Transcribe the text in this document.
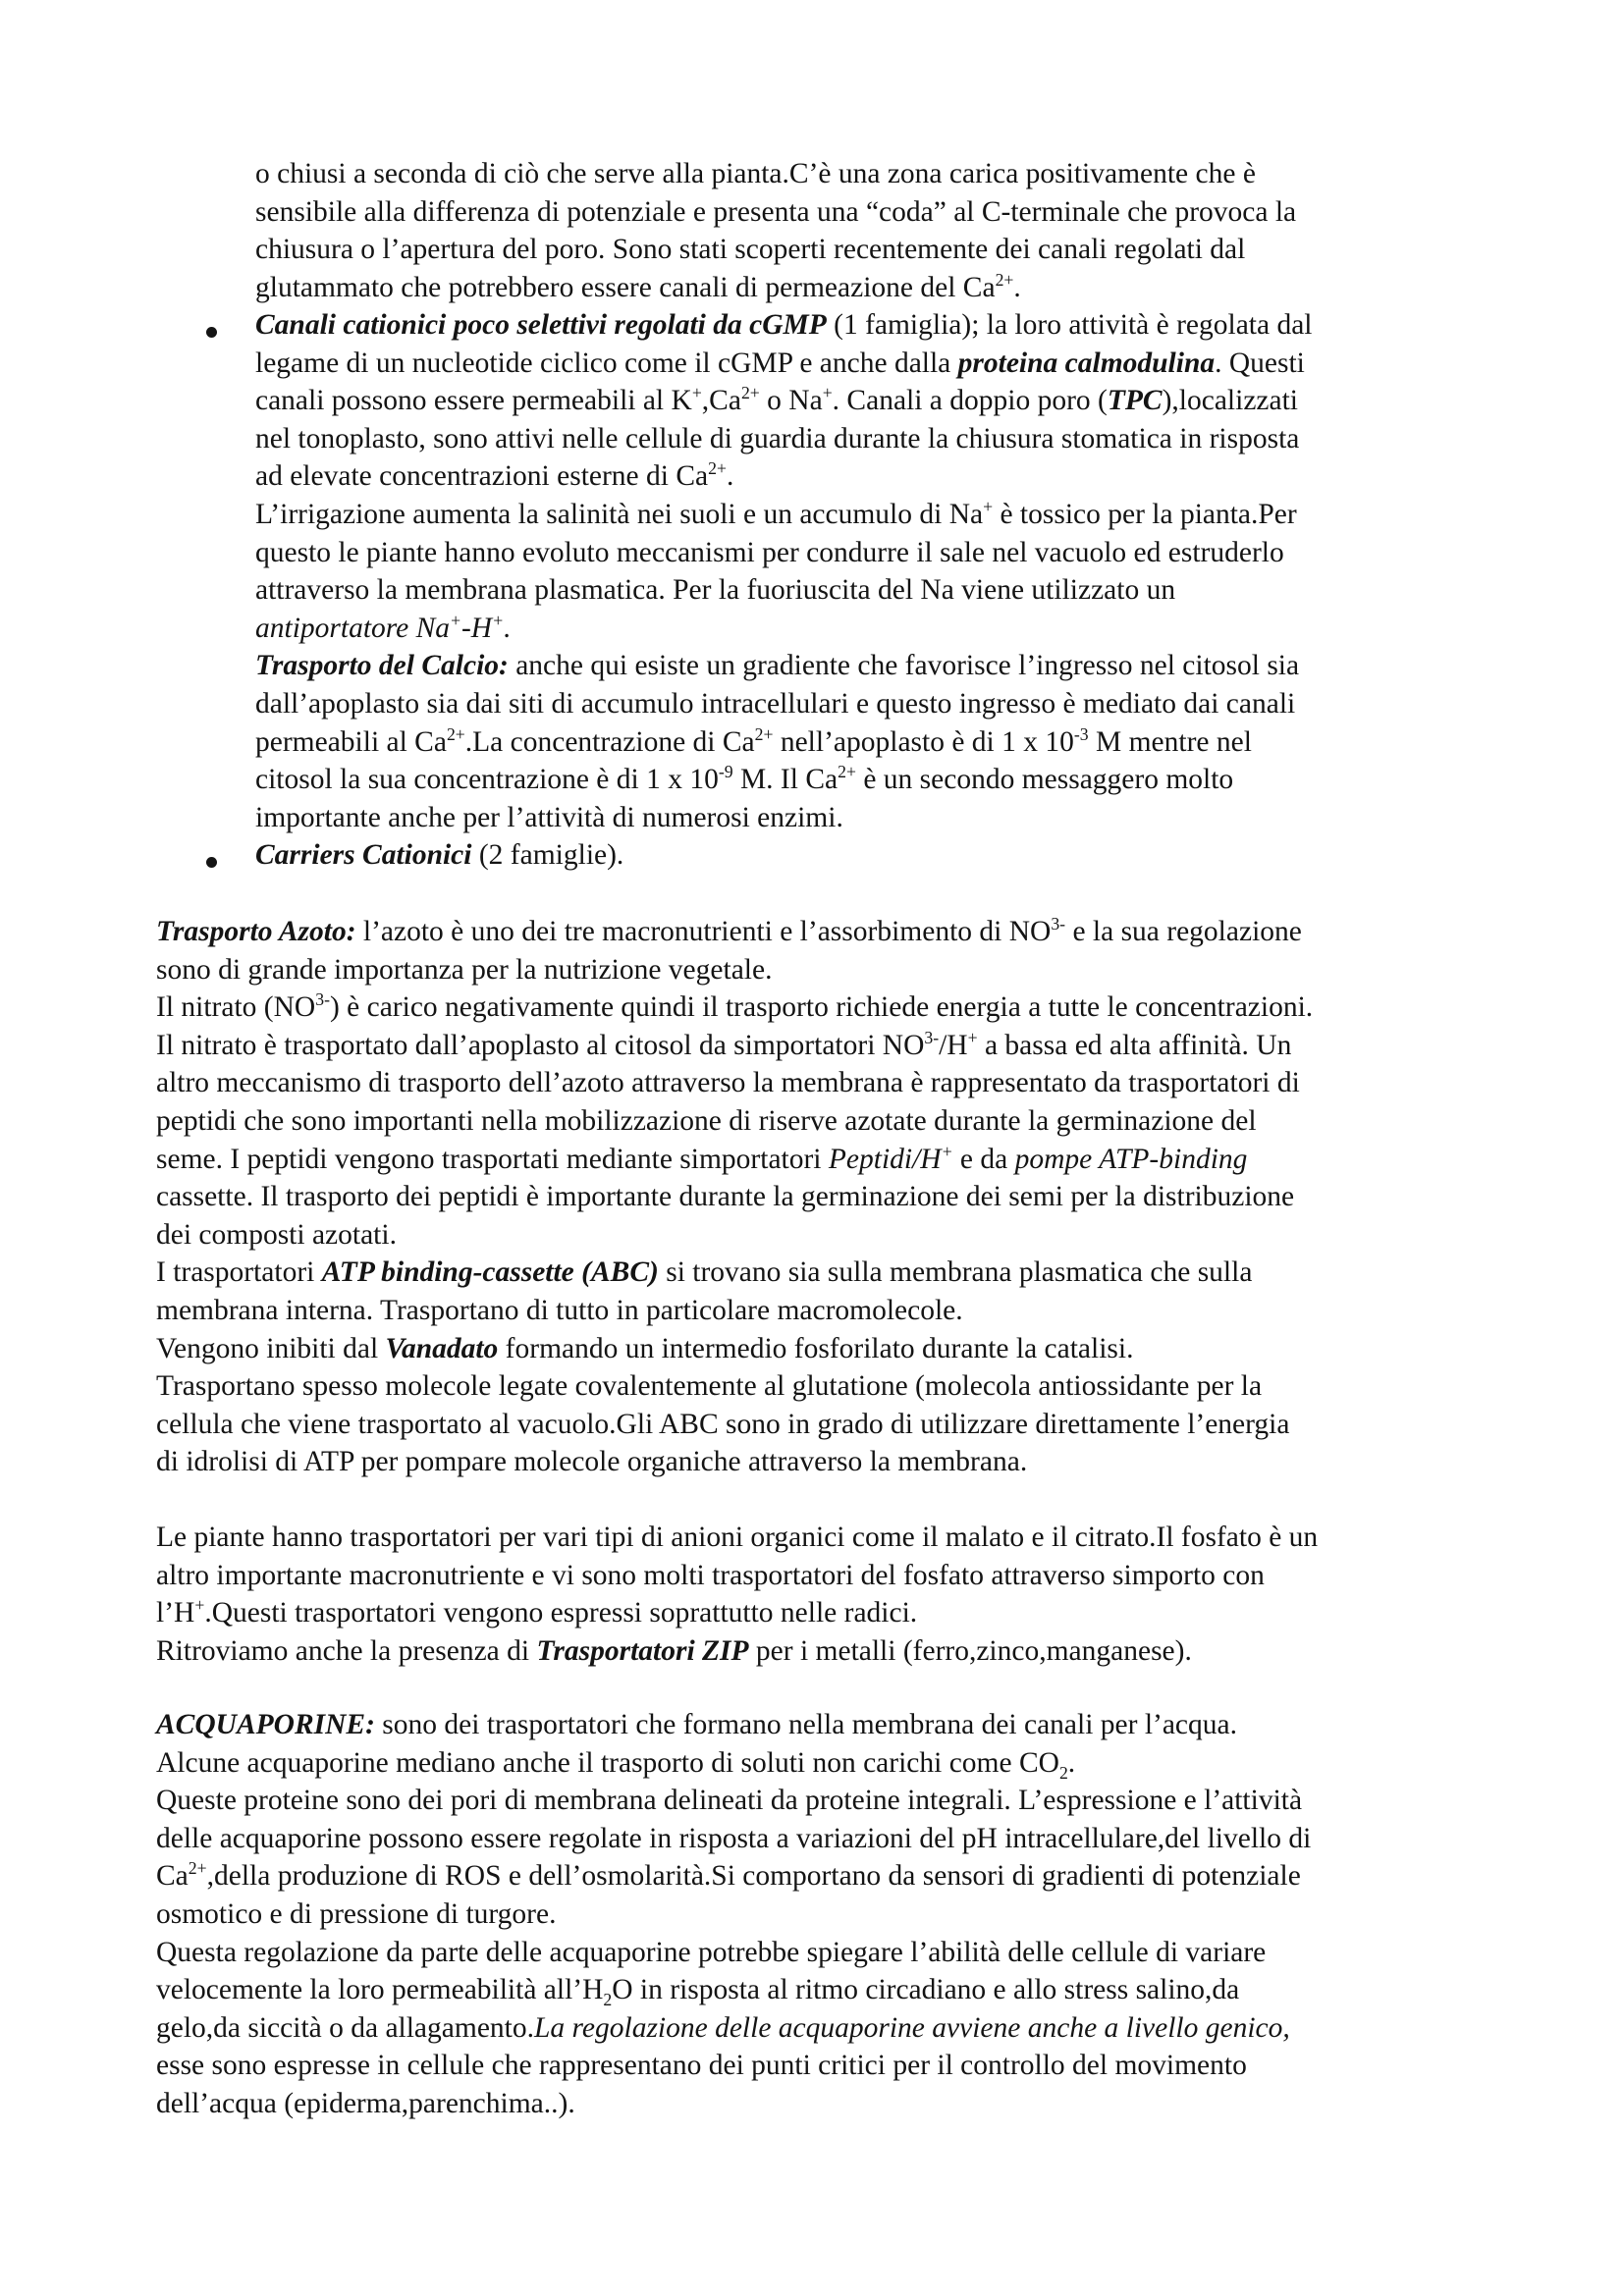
o chiusi a seconda di ciò che serve alla pianta.C’è una zona carica positivamente che è
sensibile alla differenza di potenziale e presenta una “coda” al C-terminale che provoca la
chiusura o l’apertura del poro. Sono stati scoperti recentemente dei canali regolati dal
glutammato che potrebbero essere canali di permeazione del $Ca^{2+}$.
Canali cationici poco selettivi regolati da cGMP (1 famiglia); la loro attività è regolata dal
legame di un nucleotide ciclico come il cGMP e anche dalla proteina calmodulina. Questi
canali possono essere permeabili al $K^+,Ca^{2+}$ o Na+. Canali a doppio poro (TPC),localizzati
nel tonoplasto, sono attivi nelle cellule di guardia durante la chiusura stomatica in risposta
ad elevate concentrazioni esterne di $Ca^{2+}$.
L’irrigazione aumenta la salinità nei suoli e un accumulo di Na+ è tossico per la pianta.Per
questo le piante hanno evoluto meccanismi per condurre il sale nel vacuolo ed estruderlo
attraverso la membrana plasmatica. Per la fuoriuscita del Na viene utilizzato un
antiportatore Na+-H+.
Trasporto del Calcio: anche qui esiste un gradiente che favorisce l’ingresso nel citosol sia
dall’apoplasto sia dai siti di accumulo intracellulari e questo ingresso è mediato dai canali
permeabili al $Ca^{2+}.La$ concentrazione di $Ca^{2+}$ nell’apoplasto è di 1 x $10^{-3}$ M mentre nel
citosol la sua concentrazione è di 1 x $10^{-9}$ M. Il $Ca^{2+}$ è un secondo messaggero molto
importante anche per l’attività di numerosi enzimi.
Carriers Cationici (2 famiglie).
Trasporto Azoto: l’azoto è uno dei tre macronutrienti e l’assorbimento di $NO^{3-}$ e la sua regolazione
sono di grande importanza per la nutrizione vegetale.
Il nitrato $(NO^{3-})$ è carico negativamente quindi il trasporto richiede energia a tutte le concentrazioni.
Il nitrato è trasportato dall’apoplasto al citosol da simportatori $NO^{3-}/H^+$ a bassa ed alta affinità. Un
altro meccanismo di trasporto dell’azoto attraverso la membrana è rappresentato da trasportatori di
peptidi che sono importanti nella mobilizzazione di riserve azotate durante la germinazione del
seme. I peptidi vengono trasportati mediante simportatori Peptidi/H+ e da pompe ATP-binding
cassette. Il trasporto dei peptidi è importante durante la germinazione dei semi per la distribuzione
dei composti azotati.
I trasportatori ATP binding-cassette (ABC) si trovano sia sulla membrana plasmatica che sulla
membrana interna. Trasportano di tutto in particolare macromolecole.
Vengono inibiti dal Vanadato formando un intermedio fosforilato durante la catalisi.
Trasportano spesso molecole legate covalentemente al glutatione (molecola antiossidante per la
cellula che viene trasportato al vacuolo.Gli ABC sono in grado di utilizzare direttamente l’energia
di idrolisi di ATP per pompare molecole organiche attraverso la membrana.
Le piante hanno trasportatori per vari tipi di anioni organici come il malato e il citrato.Il fosfato è un
altro importante macronutriente e vi sono molti trasportatori del fosfato attraverso simporto con
l’H+.Questi trasportatori vengono espressi soprattutto nelle radici.
Ritroviamo anche la presenza di Trasportatori ZIP per i metalli (ferro,zinco,manganese).
ACQUAPORINE: sono dei trasportatori che formano nella membrana dei canali per l’acqua.
Alcune acquaporine mediano anche il trasporto di soluti non carichi come $CO_2$.
Queste proteine sono dei pori di membrana delineati da proteine integrali. L’espressione e l’attività
delle acquaporine possono essere regolate in risposta a variazioni del pH intracellulare,del livello di
$Ca^{2+},della$ produzione di ROS e dell’osmolarità.Si comportano da sensori di gradienti di potenziale
osmotico e di pressione di turgore.
Questa regolazione da parte delle acquaporine potrebbe spiegare l’abilità delle cellule di variare
velocemente la loro permeabilità $all’H_2O$ in risposta al ritmo circadiano e allo stress salino,da
gelo,da siccità o da allagamento.La regolazione delle acquaporine avviene anche a livello genico,
esse sono espresse in cellule che rappresentano dei punti critici per il controllo del movimento
dell’acqua (epiderma,parenchima..).
